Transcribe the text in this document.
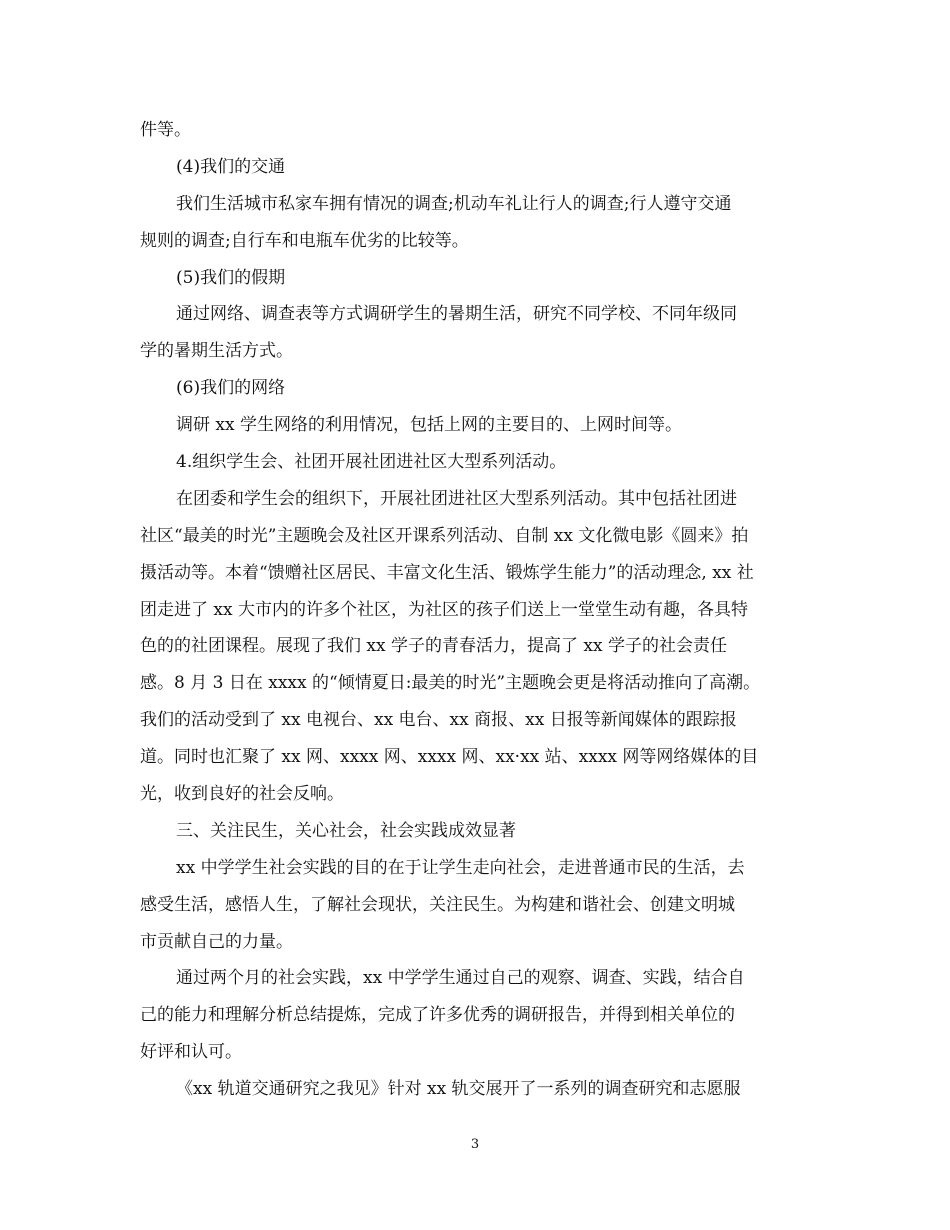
件等。
(4)我们的交通
我们生活城市私家车拥有情况的调查;机动车礼让行人的调查;行人遵守交通
规则的调查;自行车和电瓶车优劣的比较等。
(5)我们的假期
通过网络、调查表等方式调研学生的暑期生活，研究不同学校、不同年级同
学的暑期生活方式。
(6)我们的网络
调研 xx 学生网络的利用情况，包括上网的主要目的、上网时间等。
4.组织学生会、社团开展社团进社区大型系列活动。
在团委和学生会的组织下，开展社团进社区大型系列活动。其中包括社团进
社区“最美的时光”主题晚会及社区开课系列活动、自制 xx 文化微电影《圆来》拍
摄活动等。本着“馈赠社区居民、丰富文化生活、锻炼学生能力”的活动理念, xx 社
团走进了 xx 大市内的许多个社区，为社区的孩子们送上一堂堂生动有趣，各具特
色的的社团课程。展现了我们 xx 学子的青春活力，提高了 xx 学子的社会责任
感。8 月 3 日在 xxxx 的“倾情夏日:最美的时光”主题晚会更是将活动推向了高潮。
我们的活动受到了 xx 电视台、xx 电台、xx 商报、xx 日报等新闻媒体的跟踪报
道。同时也汇聚了 xx 网、xxxx 网、xxxx 网、xx·xx 站、xxxx 网等网络媒体的目
光，收到良好的社会反响。
三、关注民生，关心社会，社会实践成效显著
xx 中学学生社会实践的目的在于让学生走向社会，走进普通市民的生活，去
感受生活，感悟人生，了解社会现状，关注民生。为构建和谐社会、创建文明城
市贡献自己的力量。
通过两个月的社会实践，xx 中学学生通过自己的观察、调查、实践，结合自
己的能力和理解分析总结提炼，完成了许多优秀的调研报告，并得到相关单位的
好评和认可。
《xx 轨道交通研究之我见》针对 xx 轨交展开了一系列的调查研究和志愿服
3
